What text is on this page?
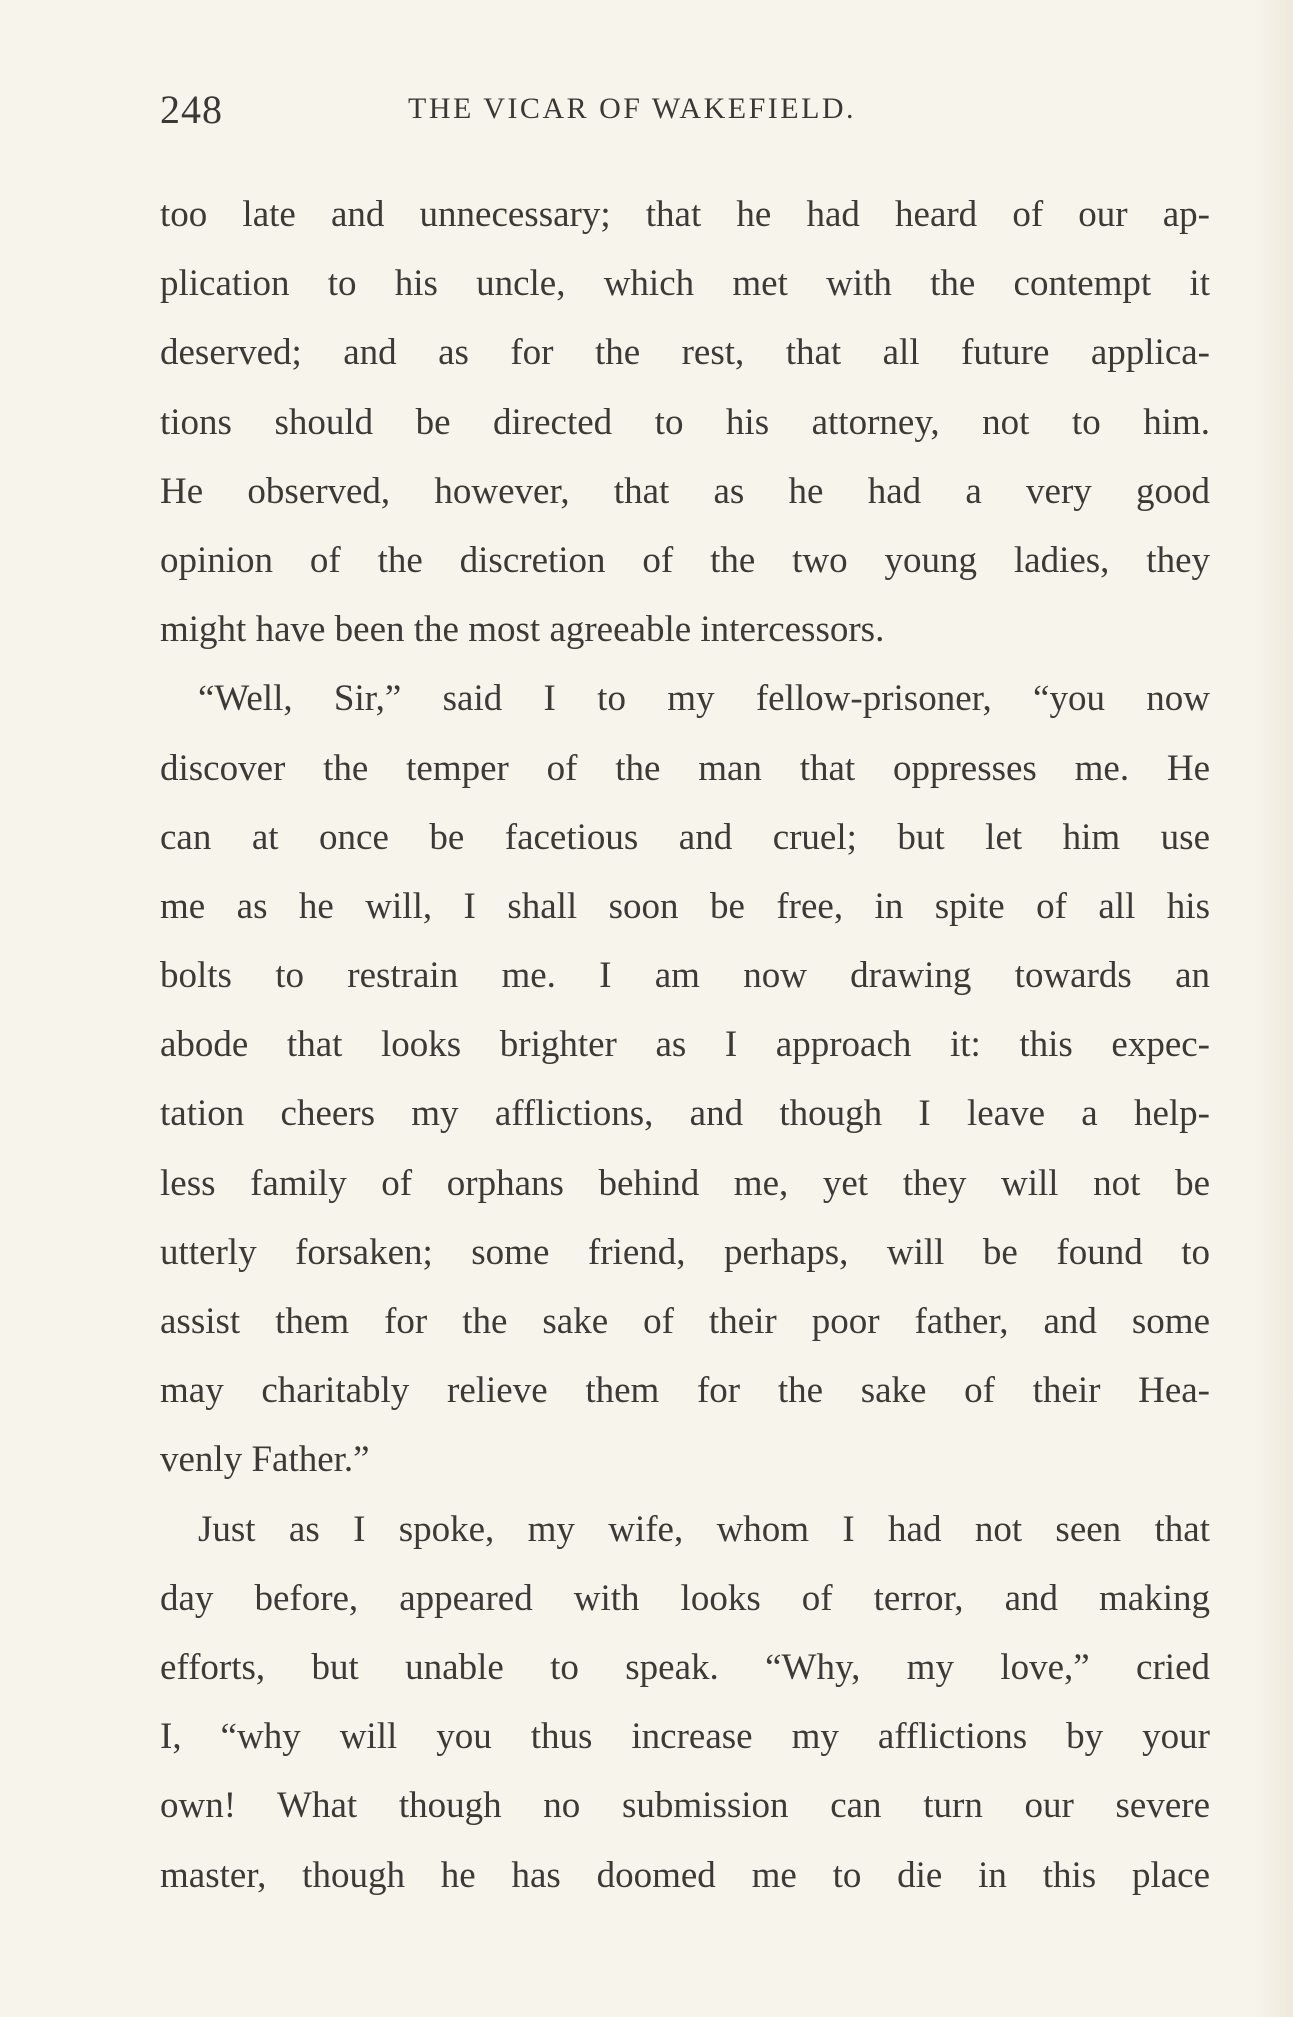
248	THE VICAR OF WAKEFIELD.
too late and unnecessary; that he had heard of our ap-
plication to his uncle, which met with the contempt it
deserved; and as for the rest, that all future applica-
tions should be directed to his attorney, not to him.
He observed, however, that as he had a very good
opinion of the discretion of the two young ladies, they
might have been the most agreeable intercessors.
“Well, Sir,” said I to my fellow-prisoner, “you now
discover the temper of the man that oppresses me. He
can at once be facetious and cruel; but let him use
me as he will, I shall soon be free, in spite of all his
bolts to restrain me. I am now drawing towards an
abode that looks brighter as I approach it: this expec-
tation cheers my afflictions, and though I leave a help-
less family of orphans behind me, yet they will not be
utterly forsaken; some friend, perhaps, will be found to
assist them for the sake of their poor father, and some
may charitably relieve them for the sake of their Hea-
venly Father.”
Just as I spoke, my wife, whom I had not seen that
day before, appeared with looks of terror, and making
efforts, but unable to speak. “Why, my love,” cried
I, “why will you thus increase my afflictions by your
own! What though no submission can turn our severe
master, though he has doomed me to die in this place
